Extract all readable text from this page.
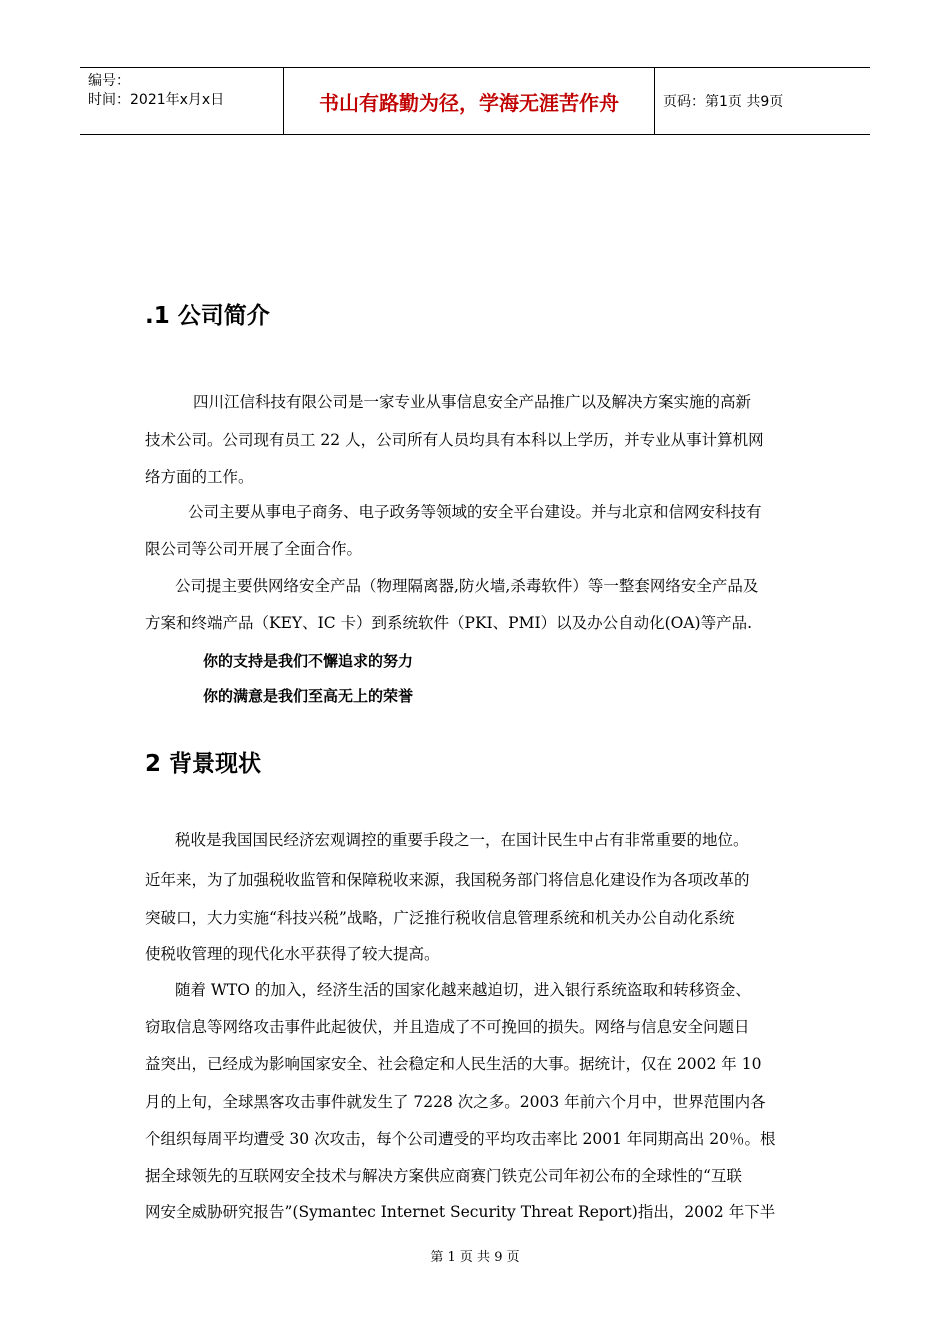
编号：
时间：2021年x月x日	书山有路勤为径，学海无涯苦作舟	页码：第1页 共9页
.1 公司简介
四川江信科技有限公司是一家专业从事信息安全产品推广以及解决方案实施的高新
技术公司。公司现有员工 22 人，公司所有人员均具有本科以上学历，并专业从事计算机网
络方面的工作。
公司主要从事电子商务、电子政务等领域的安全平台建设。并与北京和信网安科技有
限公司等公司开展了全面合作。
公司提主要供网络安全产品（物理隔离器,防火墙,杀毒软件）等一整套网络安全产品及
方案和终端产品（KEY、IC 卡）到系统软件（PKI、PMI）以及办公自动化(OA)等产品.
你的支持是我们不懈追求的努力
你的满意是我们至高无上的荣誉
2 背景现状
税收是我国国民经济宏观调控的重要手段之一，在国计民生中占有非常重要的地位。
近年来，为了加强税收监管和保障税收来源，我国税务部门将信息化建设作为各项改革的
突破口，大力实施“科技兴税”战略，广泛推行税收信息管理系统和机关办公自动化系统
使税收管理的现代化水平获得了较大提高。
随着 WTO 的加入，经济生活的国家化越来越迫切，进入银行系统盗取和转移资金、
窃取信息等网络攻击事件此起彼伏，并且造成了不可挽回的损失。网络与信息安全问题日
益突出，已经成为影响国家安全、社会稳定和人民生活的大事。据统计，仅在 2002 年 10
月的上旬，全球黑客攻击事件就发生了 7228 次之多。2003 年前六个月中，世界范围内各
个组织每周平均遭受 30 次攻击，每个公司遭受的平均攻击率比 2001 年同期高出 20％。根
据全球领先的互联网安全技术与解决方案供应商赛门铁克公司年初公布的全球性的“互联
网安全威胁研究报告”(Symantec Internet Security Threat Report)指出，2002 年下半
第 1 页 共 9 页
